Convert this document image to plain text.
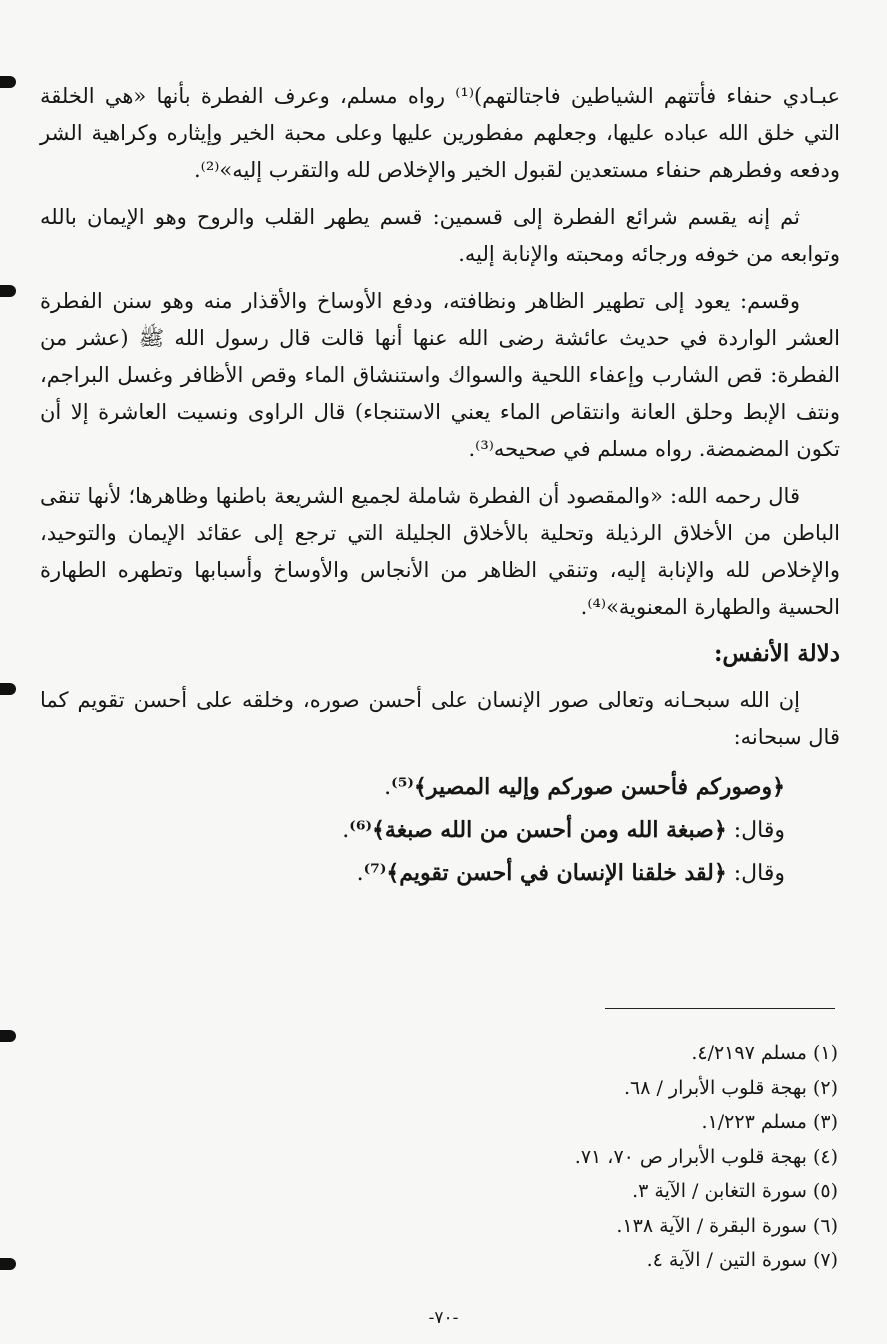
عبـادي حنفاء فأتتهم الشياطين فاجتالتهم)⁽¹⁾ رواه مسلم، وعرف الفطرة بأنها «هي الخلقة التي خلق الله عباده عليها، وجعلهم مفطورين عليها وعلى محبة الخير وإيثاره وكراهية الشر ودفعه وفطرهم حنفاء مستعدين لقبول الخير والإخلاص لله والتقرب إليه»⁽²⁾.

ثم إنه يقسم شرائع الفطرة إلى قسمين: قسم يطهر القلب والروح وهو الإيمان بالله وتوابعه من خوفه ورجائه ومحبته والإنابة إليه.

وقسم: يعود إلى تطهير الظاهر ونظافته، ودفع الأوساخ والأقذار منه وهو سنن الفطرة العشر الواردة في حديث عائشة رضى الله عنها أنها قالت قال رسول الله ﷺ (عشر من الفطرة: قص الشارب وإعفاء اللحية والسواك واستنشاق الماء وقص الأظافر وغسل البراجم، ونتف الإبط وحلق العانة وانتقاص الماء يعني الاستنجاء) قال الراوى ونسيت العاشرة إلا أن تكون المضمضة. رواه مسلم في صحيحه⁽³⁾.

قال رحمه الله: «والمقصود أن الفطرة شاملة لجميع الشريعة باطنها وظاهرها؛ لأنها تنقى الباطن من الأخلاق الرذيلة وتحلية بالأخلاق الجليلة التي ترجع إلى عقائد الإيمان والتوحيد، والإخلاص لله والإنابة إليه، وتنقي الظاهر من الأنجاس والأوساخ وأسبابها وتطهره الطهارة الحسية والطهارة المعنوية»⁽⁴⁾.

دلالة الأنفس:

إن الله سبحـانه وتعالى صور الإنسان على أحسن صوره، وخلقه على أحسن تقويم كما قال سبحانه:

﴿وصوركم فأحسن صوركم وإليه المصير﴾⁽⁵⁾.

وقال: ﴿صبغة الله ومن أحسن من الله صبغة﴾⁽⁶⁾.

وقال: ﴿لقد خلقنا الإنسان في أحسن تقويم﴾⁽⁷⁾.

(١) مسلم ٤/٢١٩٧.
(٢) بهجة قلوب الأبرار / ٦٨.
(٣) مسلم ١/٢٢٣.
(٤) بهجة قلوب الأبرار ص ٧٠، ٧١.
(٥) سورة التغابن / الآية ٣.
(٦) سورة البقرة / الآية ١٣٨.
(٧) سورة التين / الآية ٤.
-٧٠-
